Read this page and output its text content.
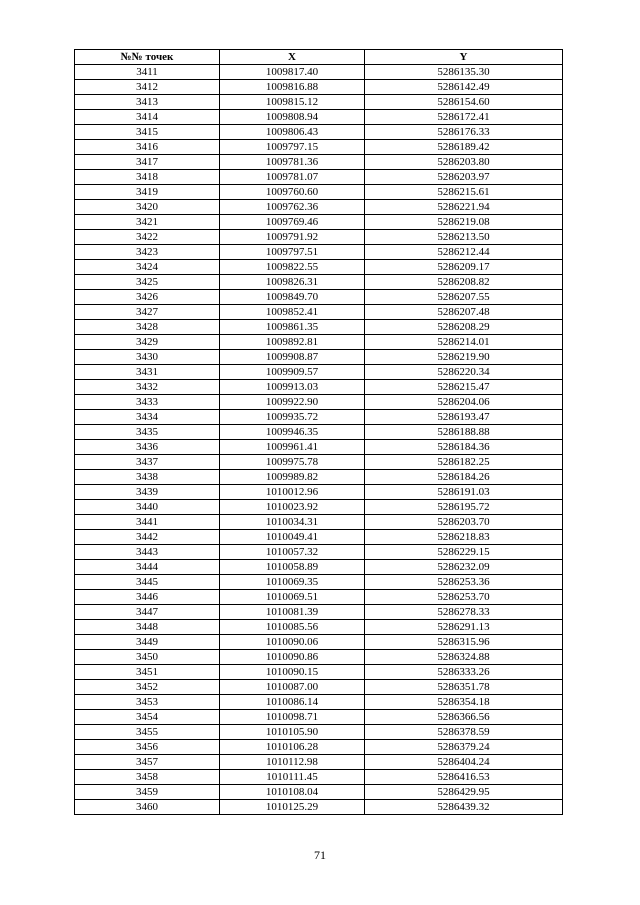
№№ точек	X	Y
3411	1009817.40	5286135.30
3412	1009816.88	5286142.49
3413	1009815.12	5286154.60
3414	1009808.94	5286172.41
3415	1009806.43	5286176.33
3416	1009797.15	5286189.42
3417	1009781.36	5286203.80
3418	1009781.07	5286203.97
3419	1009760.60	5286215.61
3420	1009762.36	5286221.94
3421	1009769.46	5286219.08
3422	1009791.92	5286213.50
3423	1009797.51	5286212.44
3424	1009822.55	5286209.17
3425	1009826.31	5286208.82
3426	1009849.70	5286207.55
3427	1009852.41	5286207.48
3428	1009861.35	5286208.29
3429	1009892.81	5286214.01
3430	1009908.87	5286219.90
3431	1009909.57	5286220.34
3432	1009913.03	5286215.47
3433	1009922.90	5286204.06
3434	1009935.72	5286193.47
3435	1009946.35	5286188.88
3436	1009961.41	5286184.36
3437	1009975.78	5286182.25
3438	1009989.82	5286184.26
3439	1010012.96	5286191.03
3440	1010023.92	5286195.72
3441	1010034.31	5286203.70
3442	1010049.41	5286218.83
3443	1010057.32	5286229.15
3444	1010058.89	5286232.09
3445	1010069.35	5286253.36
3446	1010069.51	5286253.70
3447	1010081.39	5286278.33
3448	1010085.56	5286291.13
3449	1010090.06	5286315.96
3450	1010090.86	5286324.88
3451	1010090.15	5286333.26
3452	1010087.00	5286351.78
3453	1010086.14	5286354.18
3454	1010098.71	5286366.56
3455	1010105.90	5286378.59
3456	1010106.28	5286379.24
3457	1010112.98	5286404.24
3458	1010111.45	5286416.53
3459	1010108.04	5286429.95
3460	1010125.29	5286439.32
71
